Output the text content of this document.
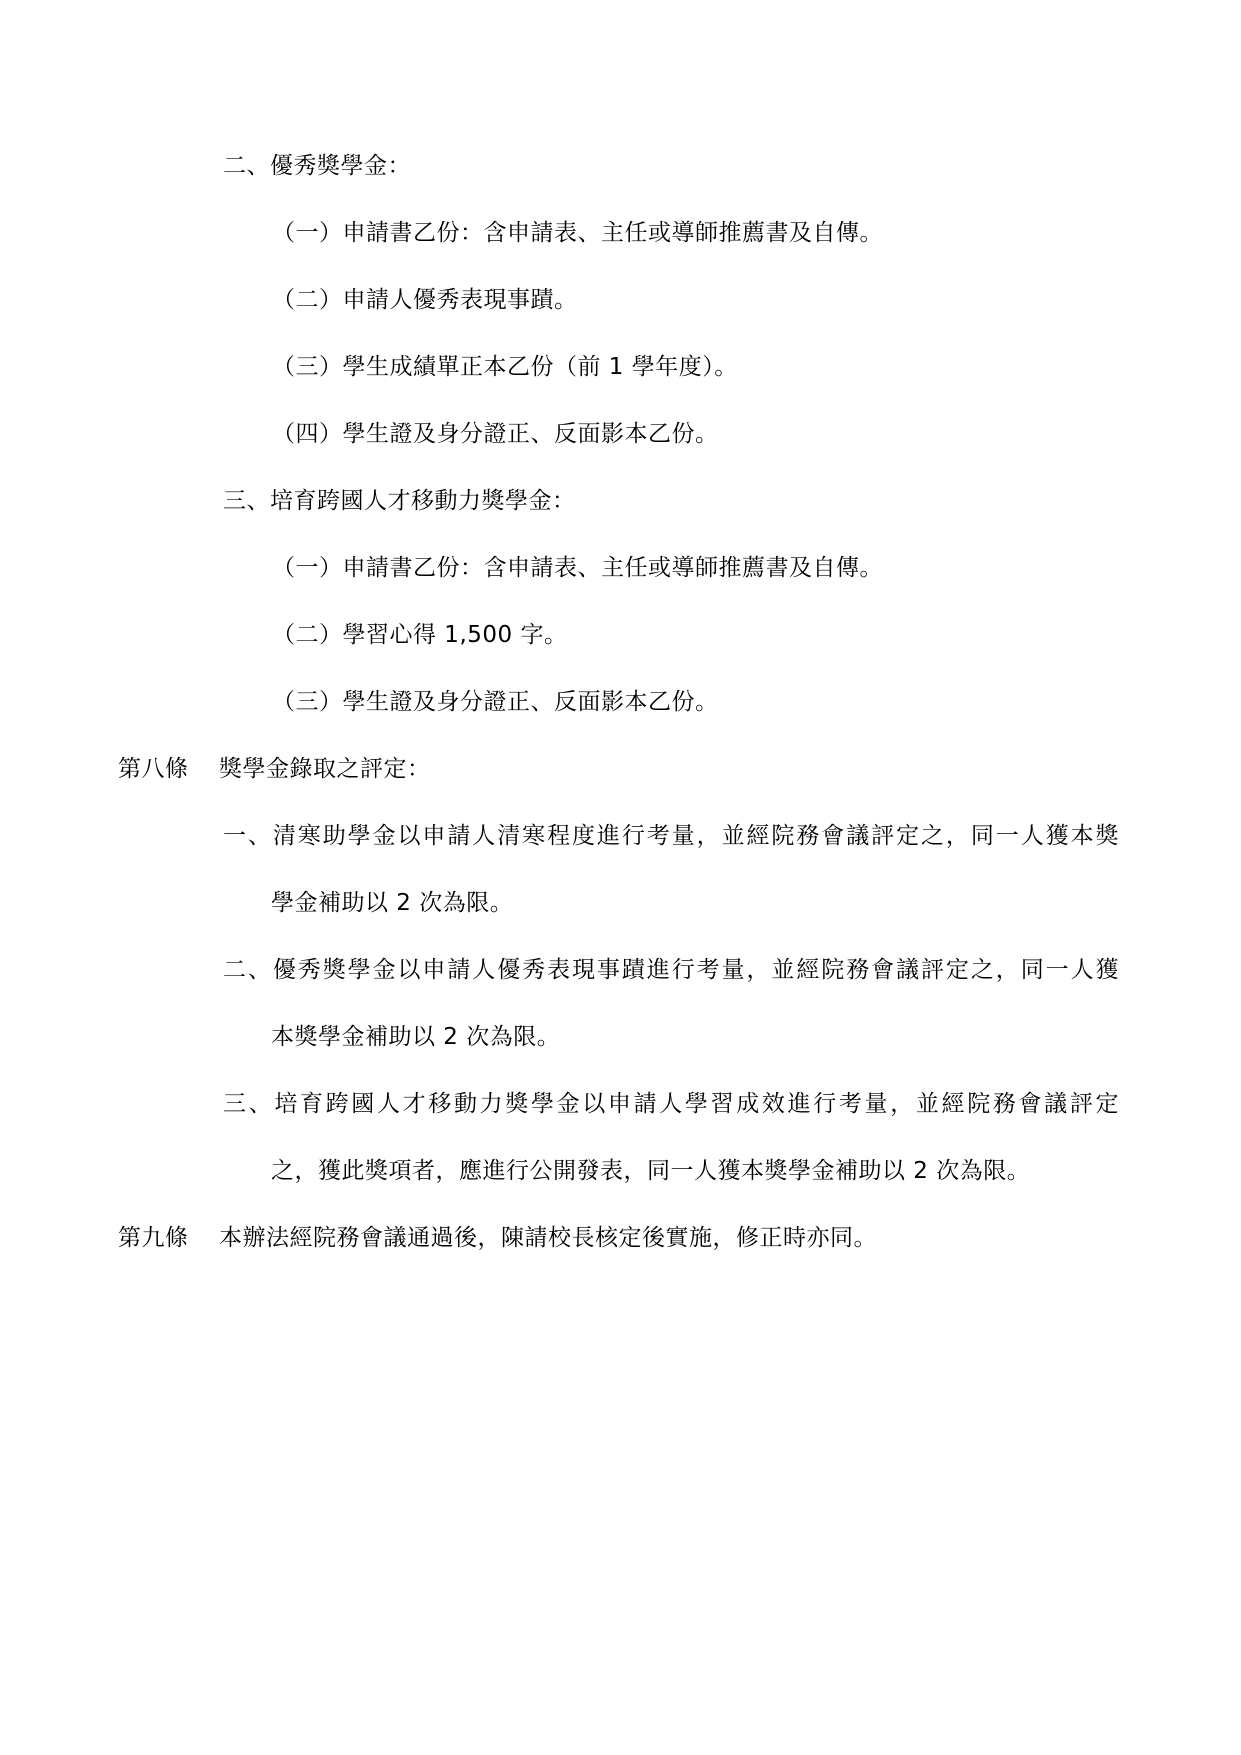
二、優秀獎學金：
（一）申請書乙份：含申請表、主任或導師推薦書及自傳。
（二）申請人優秀表現事蹟。
（三）學生成績單正本乙份（前 1 學年度）。
（四）學生證及身分證正、反面影本乙份。
三、培育跨國人才移動力獎學金：
（一）申請書乙份：含申請表、主任或導師推薦書及自傳。
（二）學習心得 1,500 字。
（三）學生證及身分證正、反面影本乙份。
第八條 獎學金錄取之評定：
一、清寒助學金以申請人清寒程度進行考量，並經院務會議評定之，同一人獲本獎
學金補助以 2 次為限。
二、優秀獎學金以申請人優秀表現事蹟進行考量，並經院務會議評定之，同一人獲
本獎學金補助以 2 次為限。
三、培育跨國人才移動力獎學金以申請人學習成效進行考量，並經院務會議評定
之，獲此獎項者，應進行公開發表，同一人獲本獎學金補助以 2 次為限。
第九條 本辦法經院務會議通過後，陳請校長核定後實施，修正時亦同。
